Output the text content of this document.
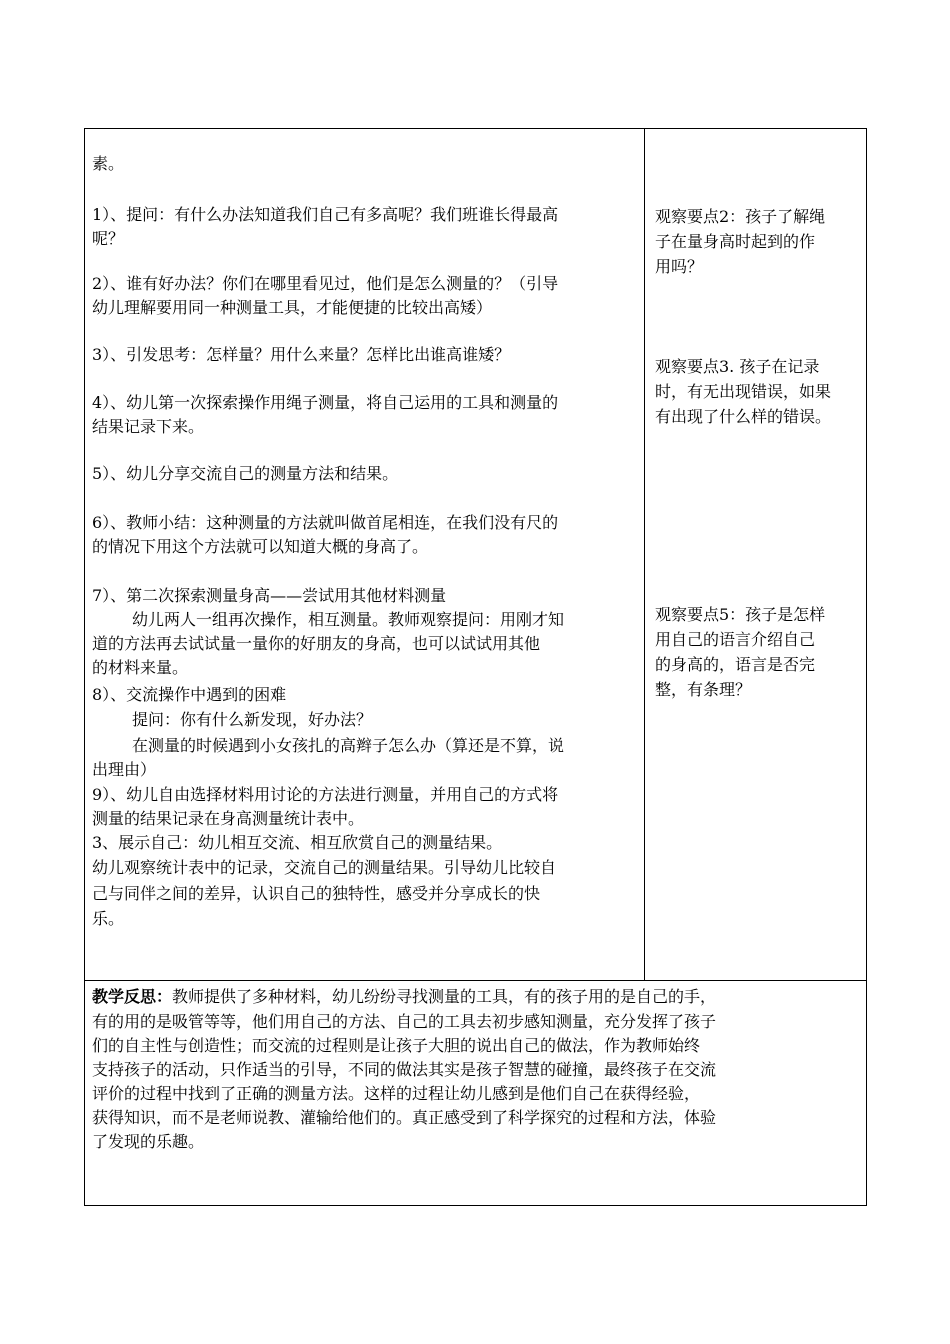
素。
1）、提问：有什么办法知道我们自己有多高呢？我们班谁长得最高
呢？
2）、谁有好办法？你们在哪里看见过，他们是怎么测量的？（引导
幼儿理解要用同一种测量工具，才能便捷的比较出高矮）
3）、引发思考：怎样量？用什么来量？怎样比出谁高谁矮？
4）、幼儿第一次探索操作用绳子测量，将自己运用的工具和测量的
结果记录下来。
5）、幼儿分享交流自己的测量方法和结果。
6）、教师小结：这种测量的方法就叫做首尾相连，在我们没有尺的
的情况下用这个方法就可以知道大概的身高了。
7）、第二次探索测量身高——尝试用其他材料测量
幼儿两人一组再次操作，相互测量。教师观察提问：用刚才知
道的方法再去试试量一量你的好朋友的身高，也可以试试用其他
的材料来量。
8）、交流操作中遇到的困难
提问：你有什么新发现，好办法？
在测量的时候遇到小女孩扎的高辫子怎么办（算还是不算，说
出理由）
9）、幼儿自由选择材料用讨论的方法进行测量，并用自己的方式将
测量的结果记录在身高测量统计表中。
3、展示自己：幼儿相互交流、相互欣赏自己的测量结果。
幼儿观察统计表中的记录，交流自己的测量结果。引导幼儿比较自
己与同伴之间的差异，认识自己的独特性，感受并分享成长的快
乐。
观察要点2：孩子了解绳
子在量身高时起到的作
用吗？
观察要点3. 孩子在记录
时，有无出现错误，如果
有出现了什么样的错误。
观察要点5：孩子是怎样
用自己的语言介绍自己
的身高的，语言是否完
整，有条理？
教学反思：教师提供了多种材料，幼儿纷纷寻找测量的工具，有的孩子用的是自己的手，
有的用的是吸管等等，他们用自己的方法、自己的工具去初步感知测量，充分发挥了孩子
们的自主性与创造性；而交流的过程则是让孩子大胆的说出自己的做法，作为教师始终
支持孩子的活动，只作适当的引导，不同的做法其实是孩子智慧的碰撞，最终孩子在交流
评价的过程中找到了正确的测量方法。这样的过程让幼儿感到是他们自己在获得经验，
获得知识，而不是老师说教、灌输给他们的。真正感受到了科学探究的过程和方法，体验
了发现的乐趣。
